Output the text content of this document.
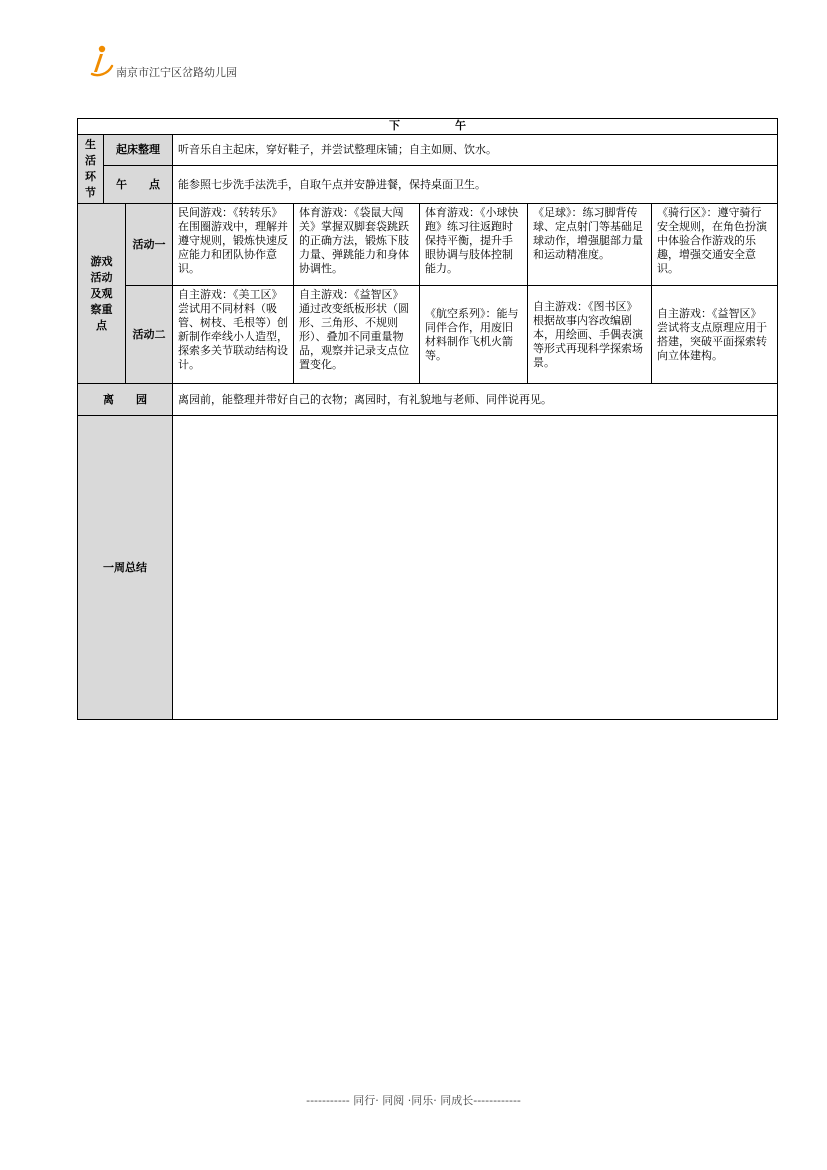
南京市江宁区岔路幼儿园
下　　　　　午							
生活环节	起床整理		听音乐自主起床，穿好鞋子，并尝试整理床铺；自主如厕、饮水。				
	午　　点		能参照七步洗手法洗手，自取午点并安静进餐，保持桌面卫生。				
游戏活动及观察重点		活动一	民间游戏：《转转乐》在围圈游戏中，理解并遵守规则，锻炼快速反应能力和团队协作意识。	体育游戏：《袋鼠大闯关》掌握双脚套袋跳跃的正确方法，锻炼下肢力量、弹跳能力和身体协调性。	体育游戏：《小球快跑》练习往返跑时保持平衡，提升手眼协调与肢体控制能力。	《足球》：练习脚背传球、定点射门等基础足球动作，增强腿部力量和运动精准度。	《骑行区》：遵守骑行安全规则，在角色扮演中体验合作游戏的乐趣，增强交通安全意识。
		活动二	自主游戏：《美工区》尝试用不同材料（吸管、树枝、毛根等）创新制作牵线小人造型，探索多关节联动结构设计。	自主游戏：《益智区》通过改变纸板形状（圆形、三角形、不规则形）、叠加不同重量物品，观察并记录支点位置变化。	《航空系列》：能与同伴合作，用废旧材料制作飞机火箭等。	自主游戏：《图书区》根据故事内容改编剧本，用绘画、手偶表演等形式再现科学探索场景。	自主游戏：《益智区》尝试将支点原理应用于搭建，突破平面探索转向立体建构。
离　　园			离园前，能整理并带好自己的衣物；离园时，有礼貌地与老师、同伴说再见。				
一周总结							
----------- 同行· 同阅 ·同乐· 同成长------------
